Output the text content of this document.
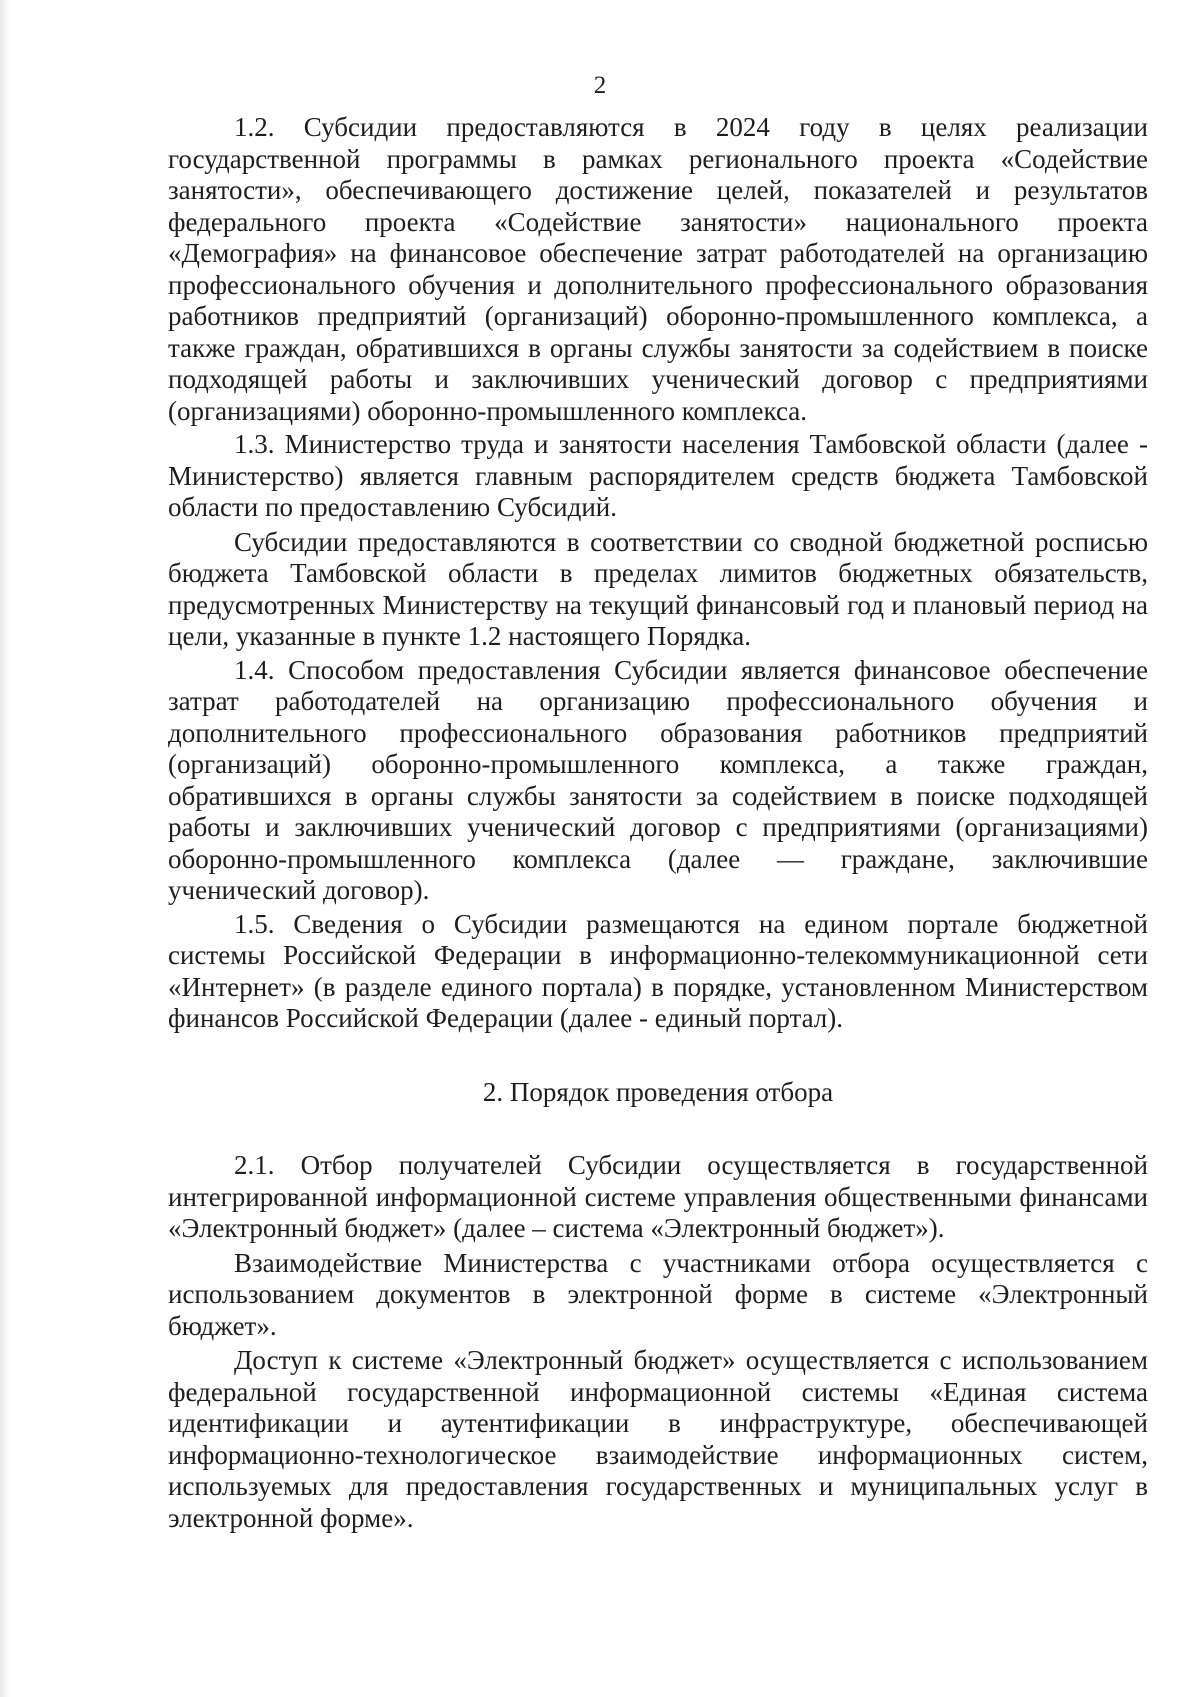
2

1.2. Субсидии предоставляются в 2024 году в целях реализации государственной программы в рамках регионального проекта «Содействие занятости», обеспечивающего достижение целей, показателей и результатов федерального проекта «Содействие занятости» национального проекта «Демография» на финансовое обеспечение затрат работодателей на организацию профессионального обучения и дополнительного профессионального образования работников предприятий (организаций) оборонно-промышленного комплекса, а также граждан, обратившихся в органы службы занятости за содействием в поиске подходящей работы и заключивших ученический договор с предприятиями (организациями) оборонно-промышленного комплекса.

1.3. Министерство труда и занятости населения Тамбовской области (далее - Министерство) является главным распорядителем средств бюджета Тамбовской области по предоставлению Субсидий.

Субсидии предоставляются в соответствии со сводной бюджетной росписью бюджета Тамбовской области в пределах лимитов бюджетных обязательств, предусмотренных Министерству на текущий финансовый год и плановый период на цели, указанные в пункте 1.2 настоящего Порядка.

1.4. Способом предоставления Субсидии является финансовое обеспечение затрат работодателей на организацию профессионального обучения и дополнительного профессионального образования работников предприятий (организаций) оборонно-промышленного комплекса, а также граждан, обратившихся в органы службы занятости за содействием в поиске подходящей работы и заключивших ученический договор с предприятиями (организациями) оборонно-промышленного комплекса (далее — граждане, заключившие ученический договор).

1.5. Сведения о Субсидии размещаются на едином портале бюджетной системы Российской Федерации в информационно-телекоммуникационной сети «Интернет» (в разделе единого портала) в порядке, установленном Министерством финансов Российской Федерации (далее - единый портал).

2. Порядок проведения отбора

2.1. Отбор получателей Субсидии осуществляется в государственной интегрированной информационной системе управления общественными финансами «Электронный бюджет» (далее – система «Электронный бюджет»).

Взаимодействие Министерства с участниками отбора осуществляется с использованием документов в электронной форме в системе «Электронный бюджет».

Доступ к системе «Электронный бюджет» осуществляется с использованием федеральной государственной информационной системы «Единая система идентификации и аутентификации в инфраструктуре, обеспечивающей информационно-технологическое взаимодействие информационных систем, используемых для предоставления государственных и муниципальных услуг в электронной форме».
